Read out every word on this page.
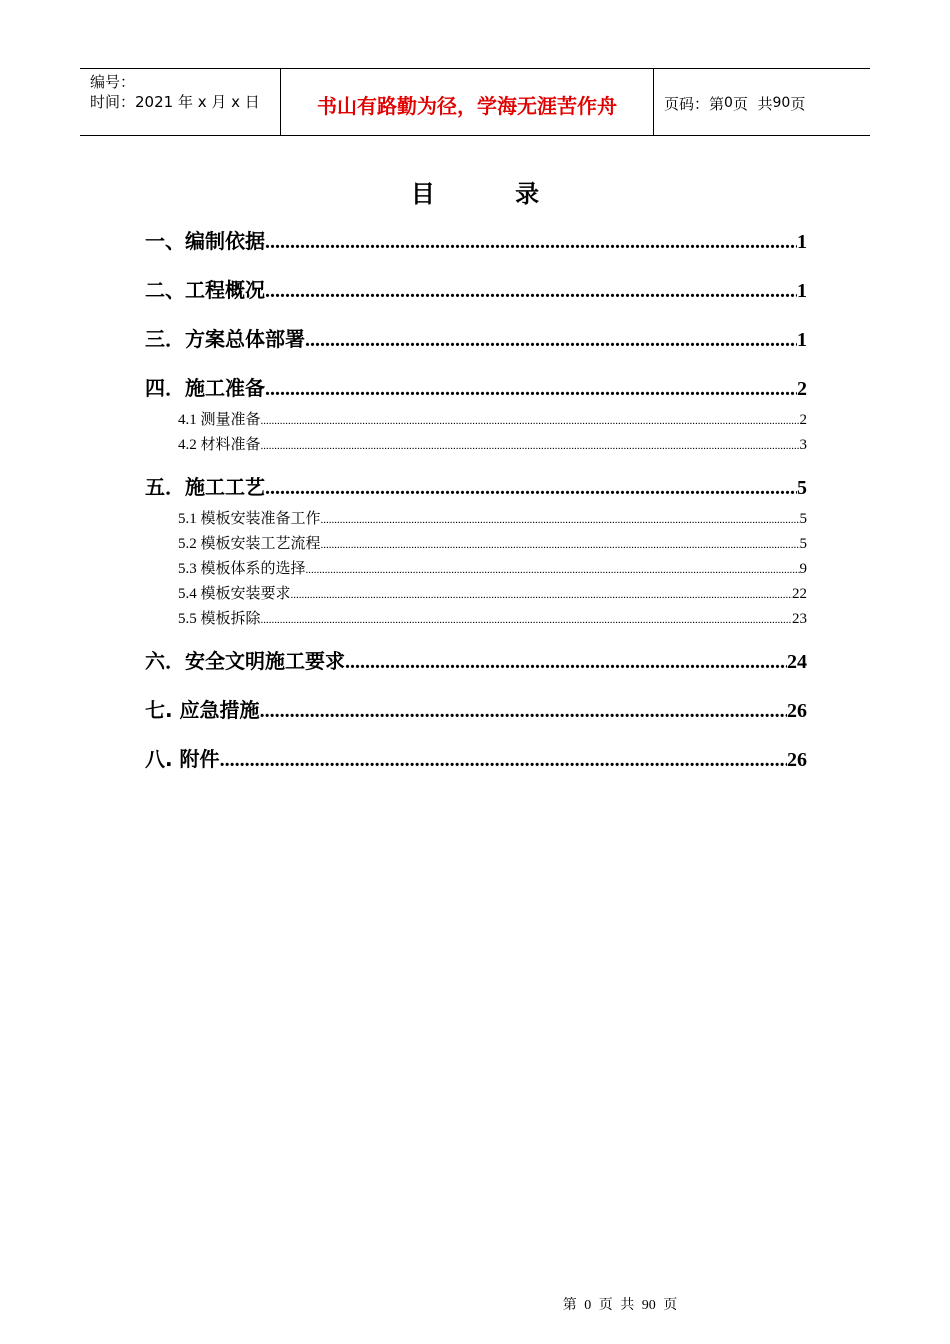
编号：
时间：2021 年 x 月 x 日	书山有路勤为径，学海无涯苦作舟	页码：第 0 页  共 90 页
目 录
一、编制依据 .....	1
二、工程概况 .....	1
三．方案总体部署 .....	1
四．施工准备 .....	2
4.1 测量准备 .....	2
4.2 材料准备 .....	3
五．施工工艺 .....	5
5.1 模板安装准备工作 .....	5
5.2 模板安装工艺流程 .....	5
5.3 模板体系的选择 .....	9
5.4 模板安装要求 .....	22
5.5 模板拆除 .....	23
六．安全文明施工要求 .....	24
七. 应急措施 .....	26
八. 附件 .....	26
第 0 页 共 90 页
